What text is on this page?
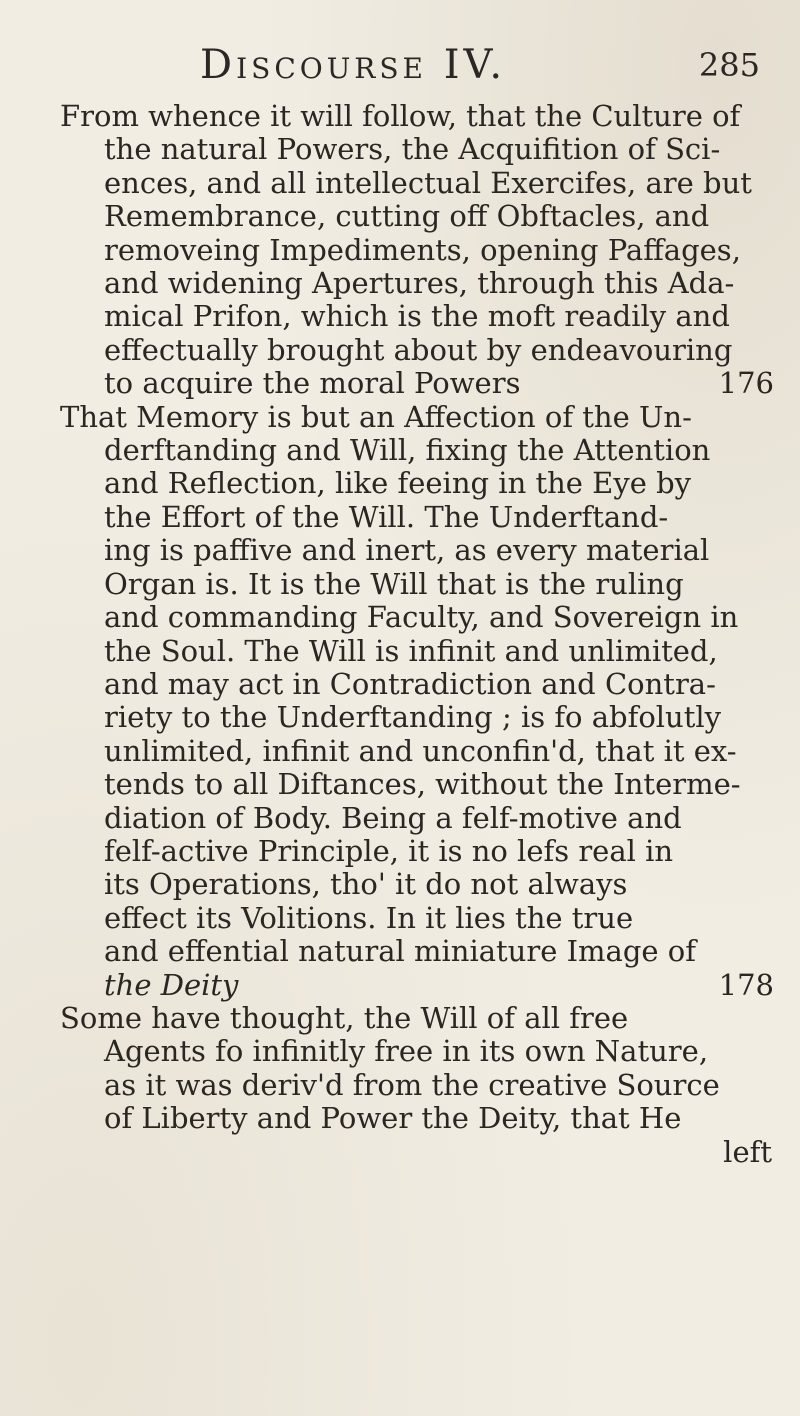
Discourse IV.	285
From whence it will follow, that the Culture of
the natural Powers, the Acquifition of Sci-
ences, and all intellectual Exercifes, are but
Remembrance, cutting off Obftacles, and
removeing Impediments, opening Paffages,
and widening Apertures, through this Ada-
mical Prifon, which is the moft readily and
effectually brought about by endeavouring
to acquire the moral Powers	176
That Memory is but an Affection of the Un-
derftanding and Will, fixing the Attention
and Reflection, like feeing in the Eye by
the Effort of the Will. The Underftand-
ing is paffive and inert, as every material
Organ is. It is the Will that is the ruling
and commanding Faculty, and Sovereign in
the Soul. The Will is infinit and unlimited,
and may act in Contradiction and Contra-
riety to the Underftanding ; is fo abfolutly
unlimited, infinit and unconfin'd, that it ex-
tends to all Diftances, without the Interme-
diation of Body. Being a felf-motive and
felf-active Principle, it is no lefs real in
its Operations, tho' it do not always
effect its Volitions. In it lies the true
and effential natural miniature Image of
the Deity	178
Some have thought, the Will of all free
Agents fo infinitly free in its own Nature,
as it was deriv'd from the creative Source
of Liberty and Power the Deity, that He
left
